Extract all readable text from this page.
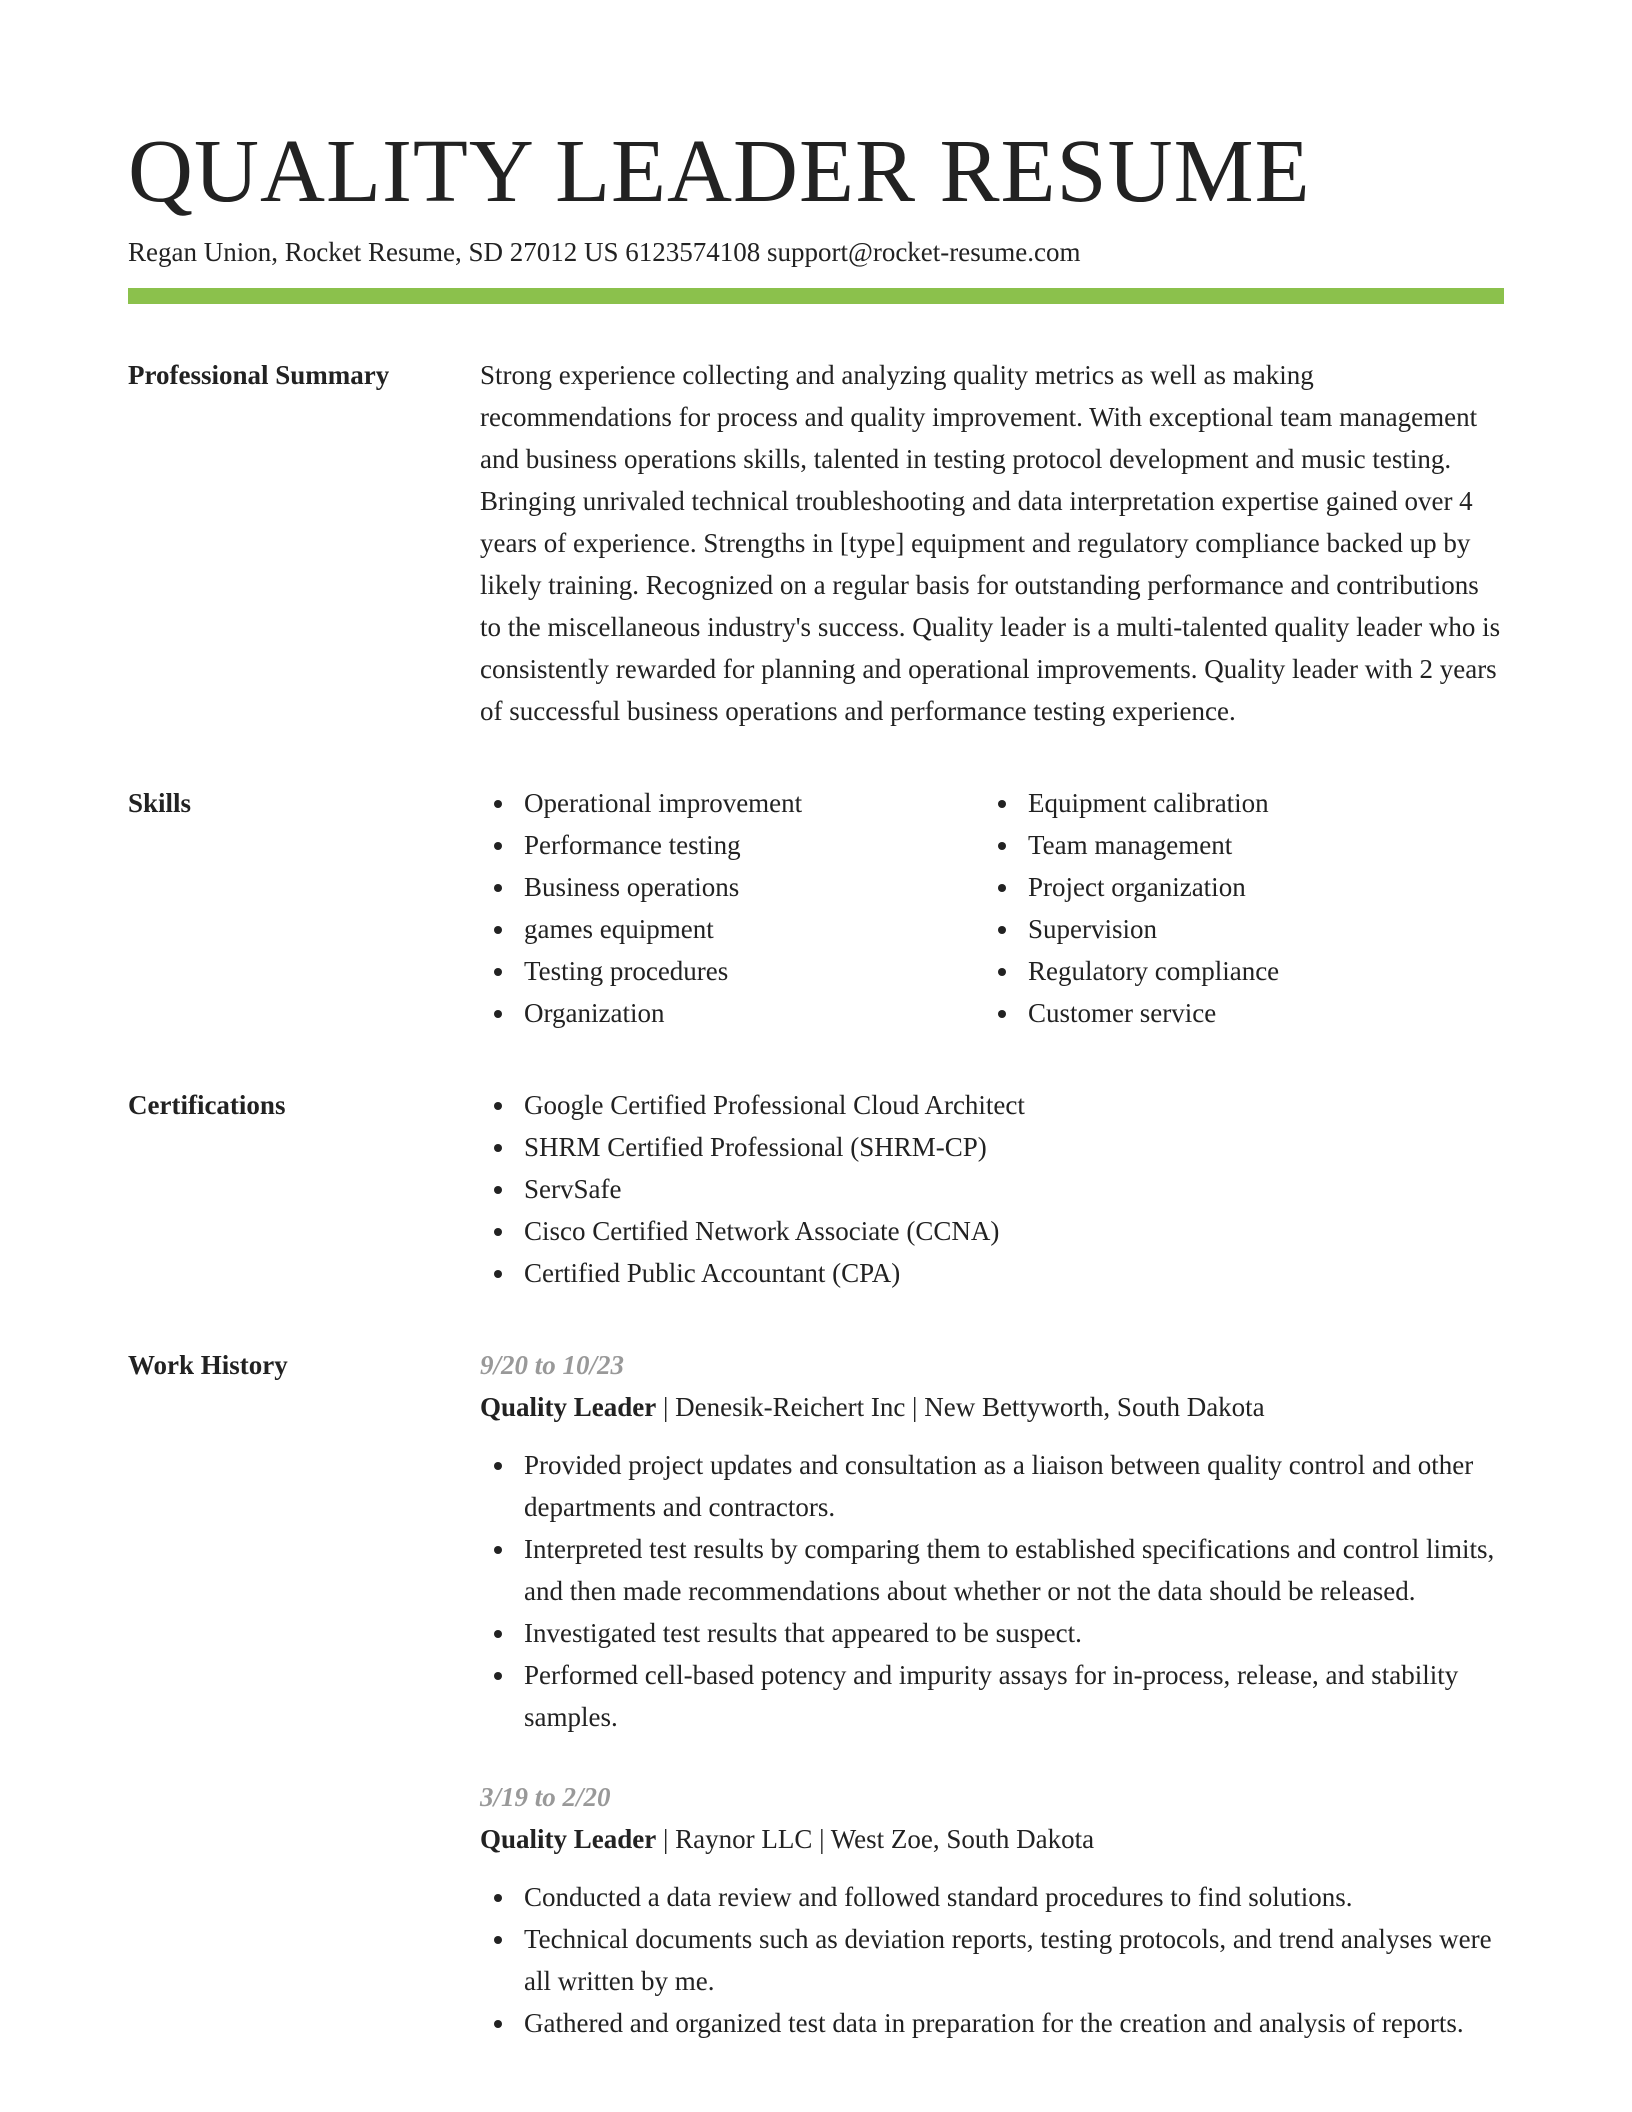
QUALITY LEADER RESUME
Regan Union, Rocket Resume, SD 27012 US 6123574108 support@rocket-resume.com
Professional Summary	Strong experience collecting and analyzing quality metrics as well as making recommendations for process and quality improvement. With exceptional team management and business operations skills, talented in testing protocol development and music testing. Bringing unrivaled technical troubleshooting and data interpretation expertise gained over 4 years of experience. Strengths in [type] equipment and regulatory compliance backed up by likely training. Recognized on a regular basis for outstanding performance and contributions to the miscellaneous industry's success. Quality leader is a multi-talented quality leader who is consistently rewarded for planning and operational improvements. Quality leader with 2 years of successful business operations and performance testing experience.
Skills	Operational improvement
Performance testing
Business operations
games equipment
Testing procedures
Organization
Equipment calibration
Team management
Project organization
Supervision
Regulatory compliance
Customer service
Certifications	Google Certified Professional Cloud Architect
SHRM Certified Professional (SHRM-CP)
ServSafe
Cisco Certified Network Associate (CCNA)
Certified Public Accountant (CPA)
Work History	9/20 to 10/23
Quality Leader | Denesik-Reichert Inc | New Bettyworth, South Dakota
Provided project updates and consultation as a liaison between quality control and other departments and contractors.
Interpreted test results by comparing them to established specifications and control limits, and then made recommendations about whether or not the data should be released.
Investigated test results that appeared to be suspect.
Performed cell-based potency and impurity assays for in-process, release, and stability samples.
3/19 to 2/20
Quality Leader | Raynor LLC | West Zoe, South Dakota
Conducted a data review and followed standard procedures to find solutions.
Technical documents such as deviation reports, testing protocols, and trend analyses were all written by me.
Gathered and organized test data in preparation for the creation and analysis of reports.
